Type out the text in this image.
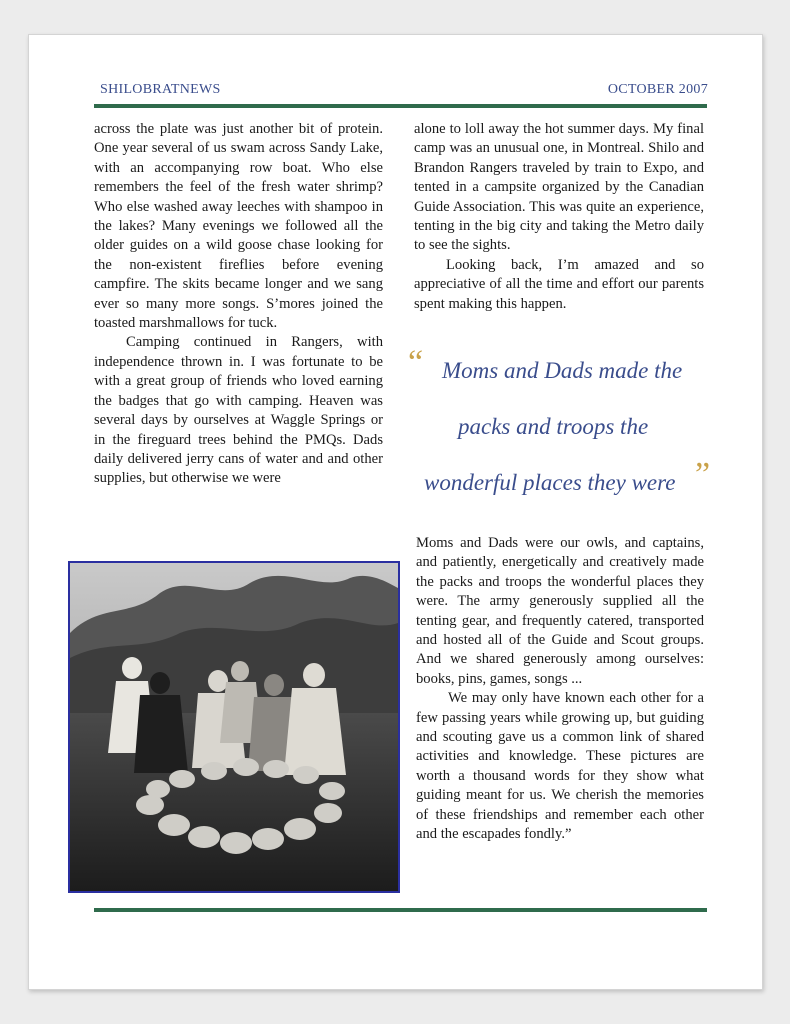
SHILOBRATNEWS	OCTOBER 2007

across the plate was just another bit of protein. One year several of us swam across Sandy Lake, with an accompanying row boat. Who else remembers the feel of the fresh water shrimp? Who else washed away leeches with shampoo in the lakes? Many evenings we followed all the older guides on a wild goose chase looking for the non-existent fireflies before evening campfire. The skits became longer and we sang ever so many more songs. S’mores joined the toasted marshmallows for tuck.

Camping continued in Rangers, with independence thrown in. I was fortunate to be with a great group of friends who loved earning the badges that go with camping. Heaven was several days by ourselves at Waggle Springs or in the fireguard trees behind the PMQs. Dads daily delivered jerry cans of water and and other supplies, but otherwise we were

alone to loll away the hot summer days. My final camp was an unusual one, in Montreal. Shilo and Brandon Rangers traveled by train to Expo, and tented in a campsite organized by the Canadian Guide Association. This was quite an experience, tenting in the big city and taking the Metro daily to see the sights.

Looking back, I’m amazed and so appreciative of all the time and effort our parents spent making this happen.

“ Moms and Dads made the
packs and troops the
wonderful places they were ”

Moms and Dads were our owls, and captains, and patiently, energetically and creatively made the packs and troops the wonderful places they were. The army generously supplied all the tenting gear, and frequently catered, transported and hosted all of the Guide and Scout groups. And we shared generously among ourselves: books, pins, games, songs ...

We may only have known each other for a few passing years while growing up, but guiding and scouting gave us a common link of shared activities and knowledge. These pictures are worth a thousand words for they show what guiding meant for us. We cherish the memories of these friendships and remember each other and the escapades fondly.”
